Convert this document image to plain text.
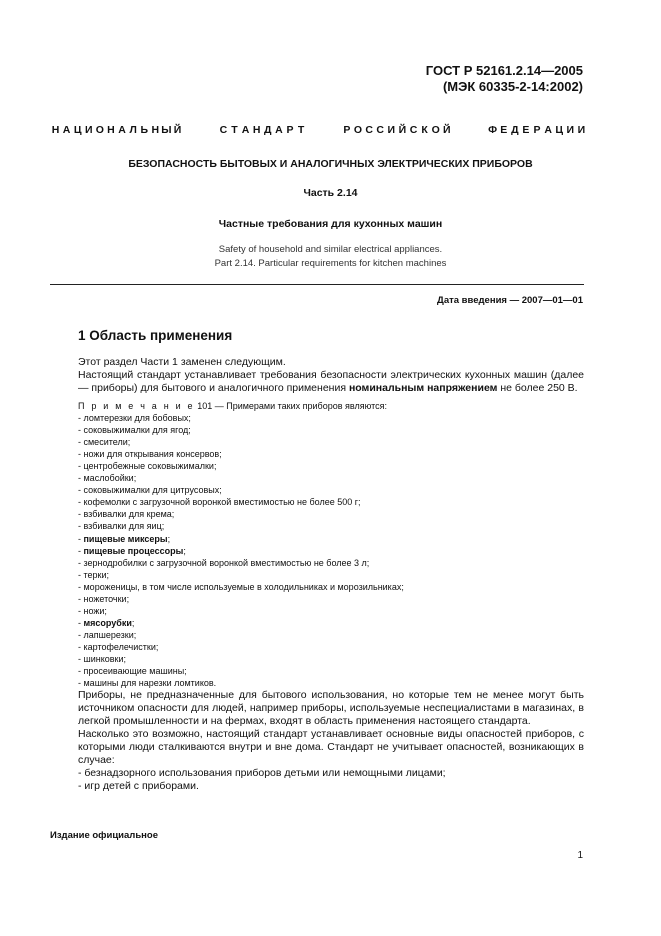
ГОСТ Р 52161.2.14—2005
(МЭК 60335-2-14:2002)
Н А Ц И О Н А Л Ь Н Ы Й	С Т А Н Д А Р Т	Р О С С И Й С К О Й	Ф Е Д Е Р А Ц И И
БЕЗОПАСНОСТЬ БЫТОВЫХ И АНАЛОГИЧНЫХ ЭЛЕКТРИЧЕСКИХ ПРИБОРОВ
Часть 2.14
Частные требования для кухонных машин
Safety of household and similar electrical appliances.
Part 2.14. Particular requirements for kitchen machines
Дата введения — 2007—01—01
1 Область применения

Этот раздел Части 1 заменен следующим.

Настоящий стандарт устанавливает требования безопасности электрических кухонных машин (далее — приборы) для бытового и аналогичного применения номинальным напряжением не более 250 В.

П р и м е ч а н и е 101 — Примерами таких приборов являются:
- ломтерезки для бобовых;
- соковыжималки для ягод;
- смесители;
- ножи для открывания консервов;
- центробежные соковыжималки;
- маслобойки;
- соковыжималки для цитрусовых;
- кофемолки с загрузочной воронкой вместимостью не более 500 г;
- взбивалки для крема;
- взбивалки для яиц;
- пищевые миксеры;
- пищевые процессоры;
- зернодробилки с загрузочной воронкой вместимостью не более 3 л;
- терки;
- мороженицы, в том числе используемые в холодильниках и морозильниках;
- ножеточки;
- ножи;
- мясорубки;
- лапшерезки;
- картофелечистки;
- шинковки;
- просеивающие машины;
- машины для нарезки ломтиков.

Приборы, не предназначенные для бытового использования, но которые тем не менее могут быть источником опасности для людей, например приборы, используемые неспециалистами в магазинах, в легкой промышленности и на фермах, входят в область применения настоящего стандарта.

Насколько это возможно, настоящий стандарт устанавливает основные виды опасностей приборов, с которыми люди сталкиваются внутри и вне дома. Стандарт не учитывает опасностей, возникающих в случае:

- безнадзорного использования приборов детьми или немощными лицами;

- игр детей с приборами.

Издание официальное
1
